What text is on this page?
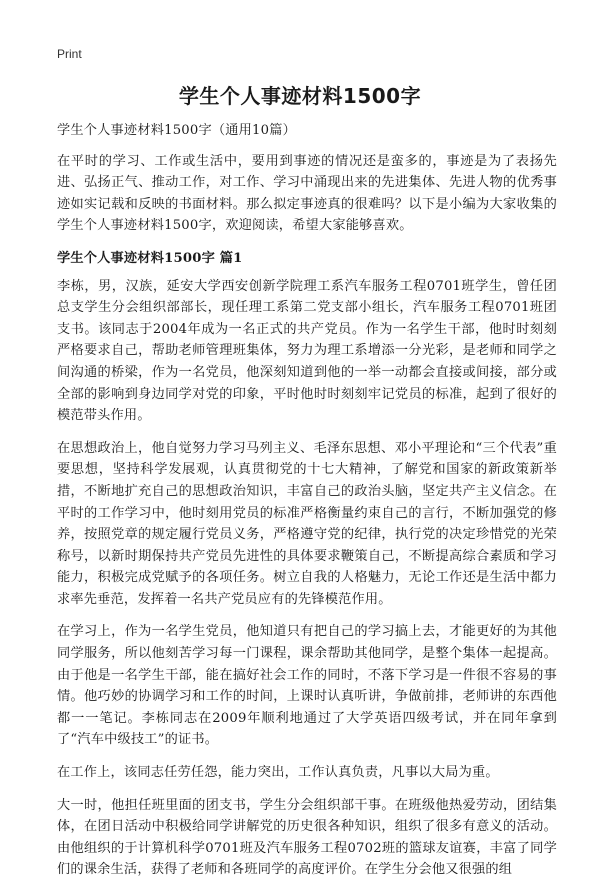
Print
学生个人事迹材料1500字

学生个人事迹材料1500字（通用10篇）

在平时的学习、工作或生活中，要用到事迹的情况还是蛮多的，事迹是为了表扬先进、弘扬正气、推动工作，对工作、学习中涌现出来的先进集体、先进人物的优秀事迹如实记载和反映的书面材料。那么拟定事迹真的很难吗？以下是小编为大家收集的学生个人事迹材料1500字，欢迎阅读，希望大家能够喜欢。

学生个人事迹材料1500字 篇1

李栋，男，汉族，延安大学西安创新学院理工系汽车服务工程0701班学生，曾任团总支学生分会组织部部长，现任理工系第二党支部小组长，汽车服务工程0701班团支书。该同志于2004年成为一名正式的共产党员。作为一名学生干部，他时时刻刻严格要求自己，帮助老师管理班集体，努力为理工系增添一分光彩，是老师和同学之间沟通的桥梁，作为一名党员，他深刻知道到他的一举一动都会直接或间接，部分或全部的影响到身边同学对党的印象，平时他时时刻刻牢记党员的标准，起到了很好的模范带头作用。

在思想政治上，他自觉努力学习马列主义、毛泽东思想、邓小平理论和“三个代表”重要思想，坚持科学发展观，认真贯彻党的十七大精神，了解党和国家的新政策新举措，不断地扩充自己的思想政治知识，丰富自己的政治头脑，坚定共产主义信念。在平时的工作学习中，他时刻用党员的标准严格衡量约束自己的言行，不断加强党的修养，按照党章的规定履行党员义务，严格遵守党的纪律，执行党的决定珍惜党的光荣称号，以新时期保持共产党员先进性的具体要求鞭策自己，不断提高综合素质和学习能力，积极完成党赋予的各项任务。树立自我的人格魅力，无论工作还是生活中都力求率先垂范，发挥着一名共产党员应有的先锋模范作用。

在学习上，作为一名学生党员，他知道只有把自己的学习搞上去，才能更好的为其他同学服务，所以他刻苦学习每一门课程，课余帮助其他同学，是整个集体一起提高。由于他是一名学生干部，能在搞好社会工作的同时，不落下学习是一件很不容易的事情。他巧妙的协调学习和工作的时间，上课时认真听讲，争做前排，老师讲的东西他都一一笔记。李栋同志在2009年顺利地通过了大学英语四级考试，并在同年拿到了“汽车中级技工”的证书。

在工作上，该同志任劳任怨，能力突出，工作认真负责，凡事以大局为重。

大一时，他担任班里面的团支书，学生分会组织部干事。在班级他热爱劳动，团结集体，在团日活动中积极给同学讲解党的历史很各种知识，组织了很多有意义的活动。由他组织的于计算机科学0701班及汽车服务工程0702班的篮球友谊赛，丰富了同学们的课余生活，获得了老师和各班同学的高度评价。在学生分会他又很强的组
